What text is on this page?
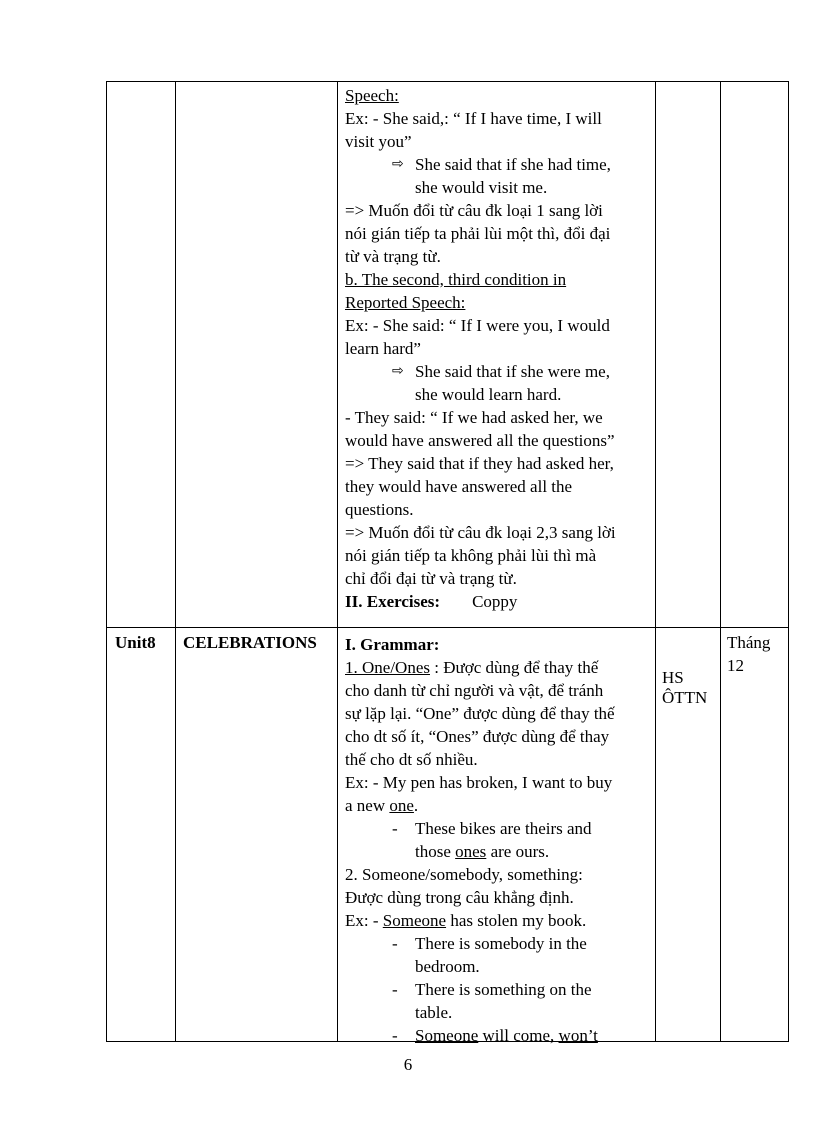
Speech:

Ex: - She said,: “ If I have time, I will

visit you”

⇨ She said that if she had time,

she would visit me.

=> Muốn đổi từ câu đk loại 1 sang lời

nói gián tiếp ta phải lùi một thì, đổi đại

từ và trạng từ.

b. The second, third condition in

Reported Speech:

Ex: - She said: “ If I were you, I would

learn hard”

⇨ She said that if she were me,

she would learn hard.

- They said: “ If we had asked her, we

would have answered all the questions”

=> They said that if they had asked her,

they would have answered all the

questions.

=> Muốn đổi từ câu đk loại 2,3 sang lời

nói gián tiếp ta không phải lùi thì mà

chỉ đổi đại từ và trạng từ.

II. Exercises: Coppy

Unit8 CELEBRATIONS I. Grammar:

1. One/Ones : Được dùng để thay thế

cho danh từ chỉ người và vật, để tránh

sự lặp lại. “One” được dùng để thay thế

cho dt số ít, “Ones” được dùng để thay

thế cho dt số nhiều.

Ex: - My pen has broken, I want to buy

a new one.

- These bikes are theirs and

those ones are ours.

2. Someone/somebody, something:

Được dùng trong câu khẳng định.

Ex: - Someone has stolen my book.

- There is somebody in the

bedroom.

- There is something on the

table.

- Someone will come, won’t

HS

ÔTTN

Tháng

12

6
